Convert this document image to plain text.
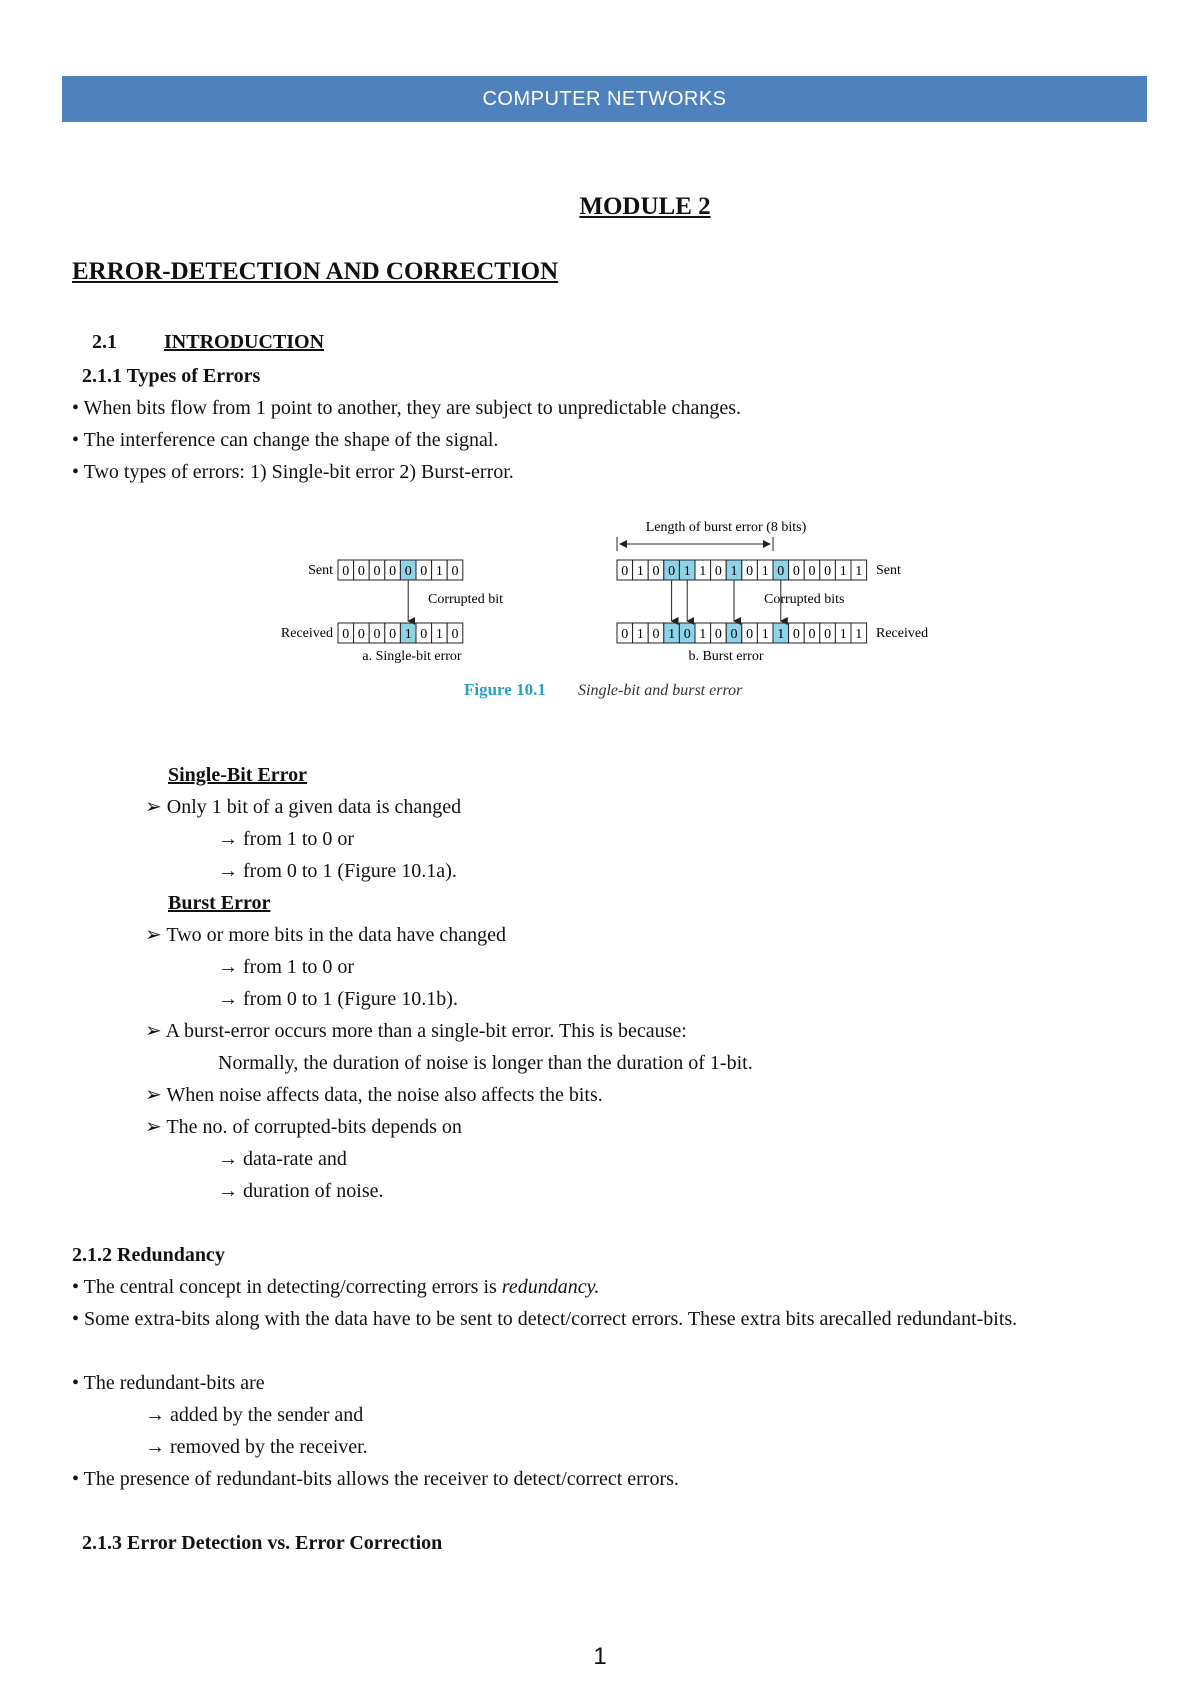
COMPUTER NETWORKS
MODULE 2
ERROR-DETECTION AND CORRECTION
2.1 INTRODUCTION
2.1.1 Types of Errors
• When bits flow from 1 point to another, they are subject to unpredictable changes.
• The interference can change the shape of the signal.
• Two types of errors: 1) Single-bit error 2) Burst-error.
Length of burst error (8 bits)
Sent
Received
Sent
Received
0 0 0 0 0 0 1 0
0 0 0 0 1 0 1 0
0 1 0 0 1 1 0 1 0 1 0 0 0 0 1 1
0 1 0 1 0 1 0 0 0 1 1 0 0 0 1 1
Corrupted bit	Corrupted bits
a. Single-bit error	b. Burst error
Figure 10.1 Single-bit and burst error
Single-Bit Error
➢ Only 1 bit of a given data is changed
→ from 1 to 0 or
→ from 0 to 1 (Figure 10.1a).
Burst Error
➢ Two or more bits in the data have changed
→ from 1 to 0 or
→ from 0 to 1 (Figure 10.1b).
➢ A burst-error occurs more than a single-bit error. This is because:
Normally, the duration of noise is longer than the duration of 1-bit.
➢ When noise affects data, the noise also affects the bits.
➢ The no. of corrupted-bits depends on
→ data-rate and
→ duration of noise.
2.1.2 Redundancy
• The central concept in detecting/correcting errors is redundancy.
• Some extra-bits along with the data have to be sent to detect/correct errors. These extra bits arecalled redundant-bits.
• The redundant-bits are
→ added by the sender and
→ removed by the receiver.
• The presence of redundant-bits allows the receiver to detect/correct errors.
2.1.3 Error Detection vs. Error Correction
1
